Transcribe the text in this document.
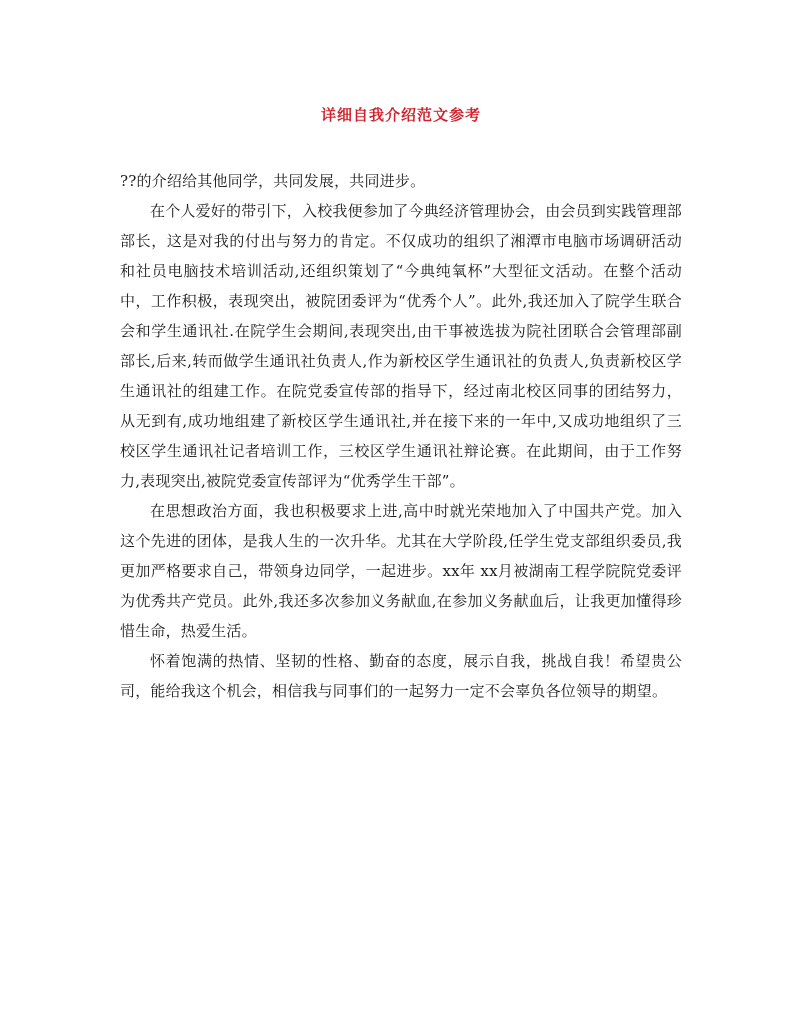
详细自我介绍范文参考

??的介绍给其他同学，共同发展，共同进步。

在个人爱好的带引下，入校我便参加了今典经济管理协会，由会员到实践管理部部长，这是对我的付出与努力的肯定。不仅成功的组织了湘潭市电脑市场调研活动和社员电脑技术培训活动,还组织策划了“今典纯氧杯”大型征文活动。在整个活动中，工作积极，表现突出，被院团委评为“优秀个人”。此外,我还加入了院学生联合会和学生通讯社.在院学生会期间,表现突出,由干事被选拔为院社团联合会管理部副部长,后来,转而做学生通讯社负责人,作为新校区学生通讯社的负责人,负责新校区学生通讯社的组建工作。在院党委宣传部的指导下，经过南北校区同事的团结努力，从无到有,成功地组建了新校区学生通讯社,并在接下来的一年中,又成功地组织了三校区学生通讯社记者培训工作，三校区学生通讯社辩论赛。在此期间，由于工作努力,表现突出,被院党委宣传部评为“优秀学生干部”。

在思想政治方面，我也积极要求上进,高中时就光荣地加入了中国共产党。加入这个先进的团体，是我人生的一次升华。尤其在大学阶段,任学生党支部组织委员,我更加严格要求自己，带领身边同学，一起进步。xx年 xx月被湖南工程学院院党委评为优秀共产党员。此外,我还多次参加义务献血,在参加义务献血后，让我更加懂得珍惜生命，热爱生活。

怀着饱满的热情、坚韧的性格、勤奋的态度，展示自我，挑战自我！希望贵公司，能给我这个机会，相信我与同事们的一起努力一定不会辜负各位领导的期望。
